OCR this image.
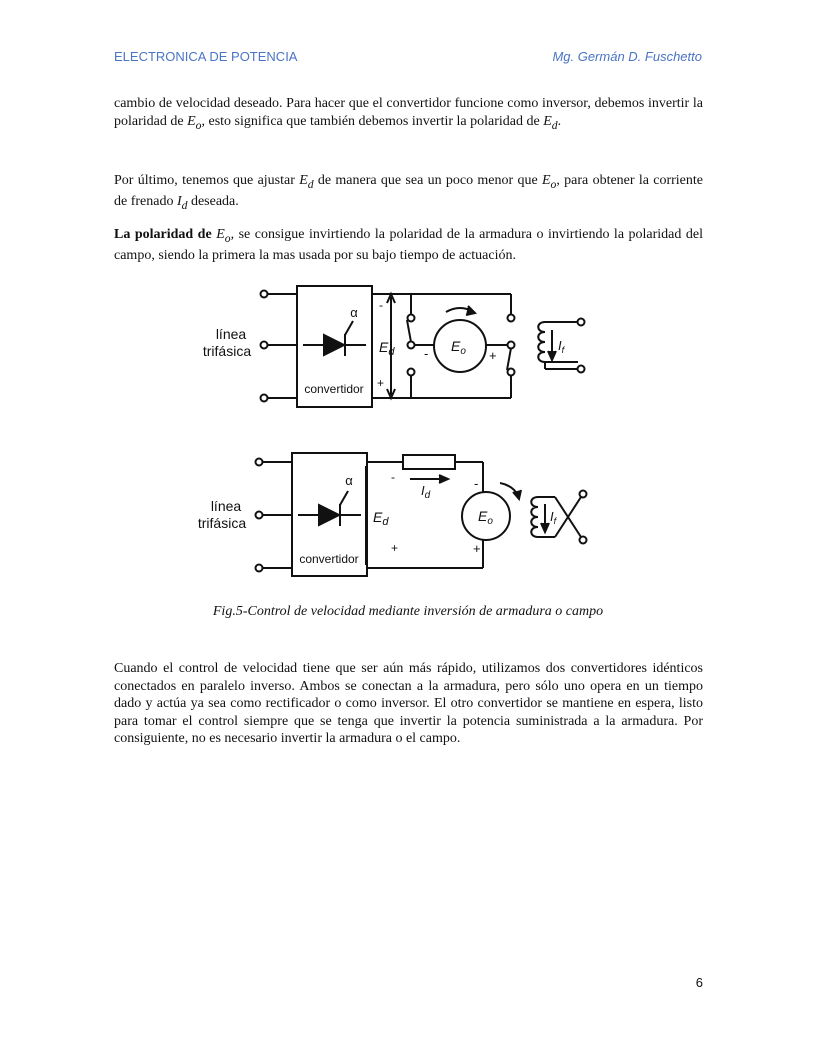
ELECTRONICA DE POTENCIA	Mg. Germán D. Fuschetto

cambio de velocidad deseado. Para hacer que el convertidor funcione como inversor, debemos invertir la polaridad de $E_o$, esto significa que también debemos invertir la polaridad de $E_d$.

Por último, tenemos que ajustar $E_d$ de manera que sea un poco menor que $E_o$, para obtener la corriente de frenado $I_d$ deseada.

La polaridad de $E_o$, se consigue invirtiendo la polaridad de la armadura o invirtiendo la polaridad del campo, siendo la primera la mas usada por su bajo tiempo de actuación.

línea
trifásica
α
convertidor
-
+
$E_d$ -	+
$E_o$	$I_f$
línea
trifásica
α
convertidor
-
+
$E_d$
$I_d$
-
+
$E_o$	$I_f$
Fig.5-Control de velocidad mediante inversión de armadura o campo

Cuando el control de velocidad tiene que ser aún más rápido, utilizamos dos convertidores idénticos conectados en paralelo inverso. Ambos se conectan a la armadura, pero sólo uno opera en un tiempo dado y actúa ya sea como rectificador o como inversor. El otro convertidor se mantiene en espera, listo para tomar el control siempre que se tenga que invertir la potencia suministrada a la armadura. Por consiguiente, no es necesario invertir la armadura o el campo.

6
